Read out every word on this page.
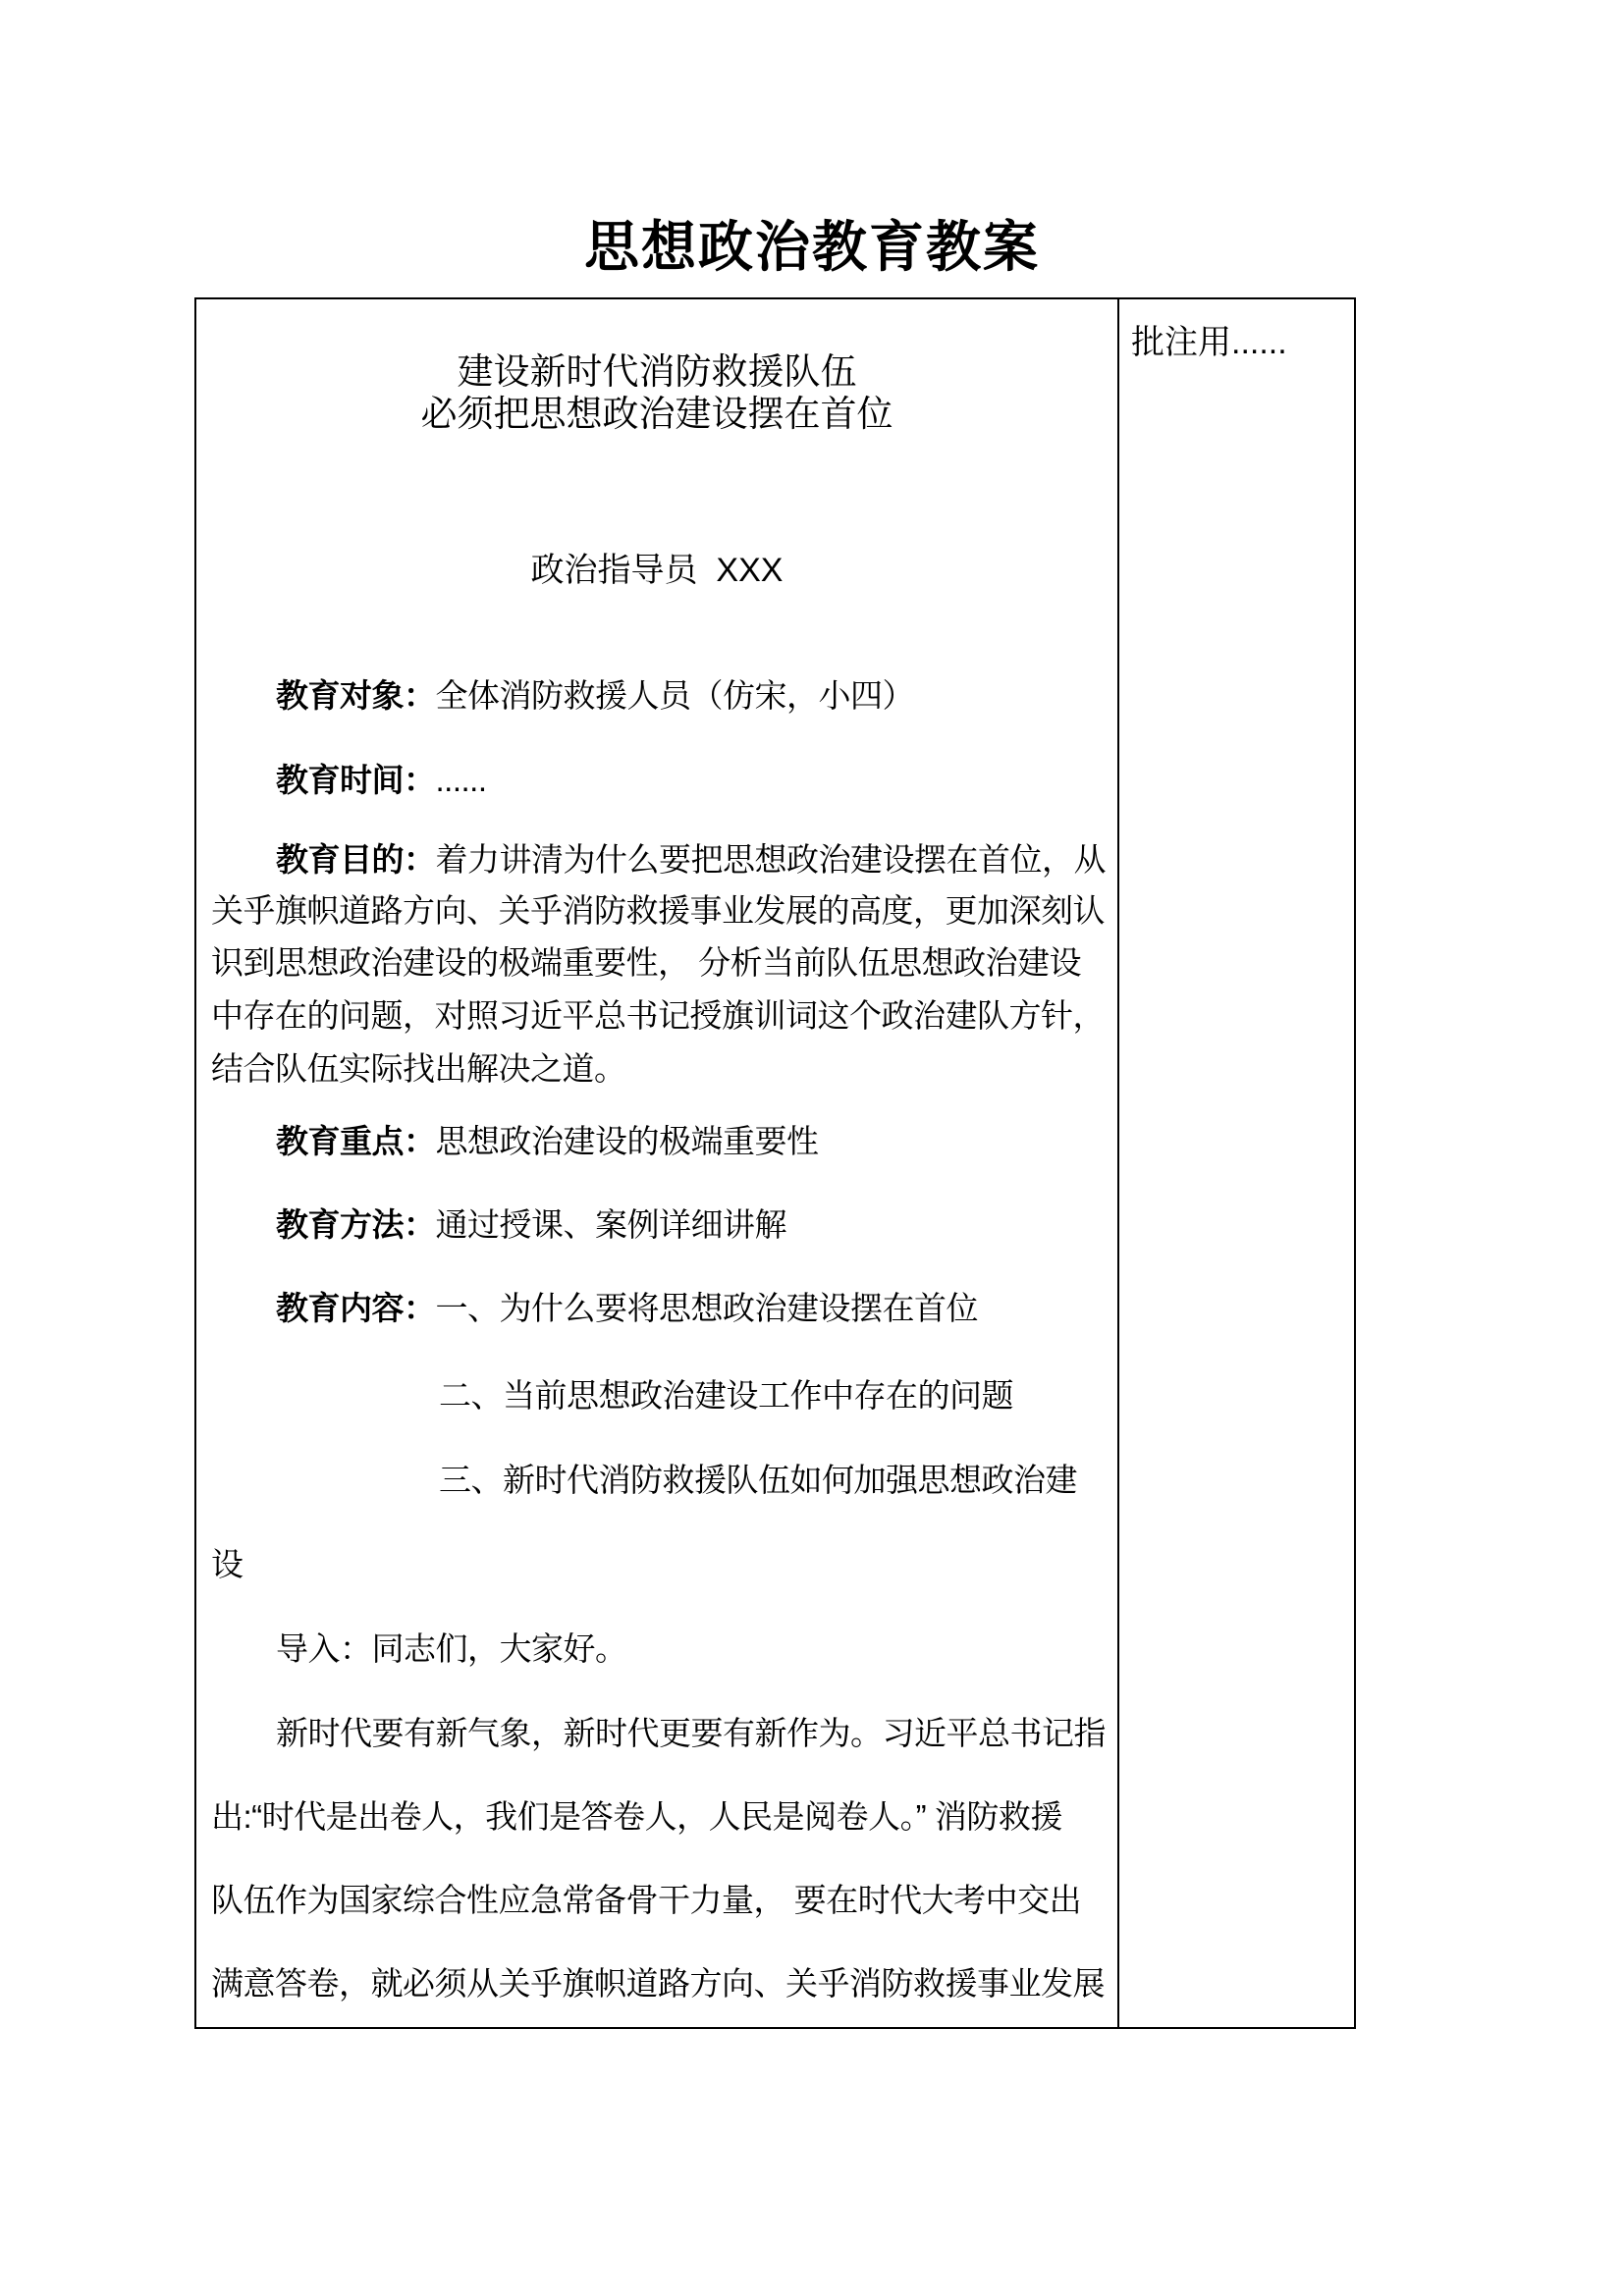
思想政治教育教案
批注用......
建设新时代消防救援队伍
必须把思想政治建设摆在首位
政治指导员  XXX
教育对象：全体消防救援人员（仿宋，小四）
教育时间：......
教育目的：着力讲清为什么要把思想政治建设摆在首位，从
关乎旗帜道路方向、关乎消防救援事业发展的高度，更加深刻认
识到思想政治建设的极端重要性， 分析当前队伍思想政治建设
中存在的问题，对照习近平总书记授旗训词这个政治建队方针，
结合队伍实际找出解决之道。
教育重点：思想政治建设的极端重要性
教育方法：通过授课、案例详细讲解
教育内容：一、为什么要将思想政治建设摆在首位
二、当前思想政治建设工作中存在的问题
三、新时代消防救援队伍如何加强思想政治建
设
导入：同志们，大家好。
新时代要有新气象，新时代更要有新作为。习近平总书记指
出:“时代是出卷人，我们是答卷人，人民是阅卷人。” 消防救援
队伍作为国家综合性应急常备骨干力量， 要在时代大考中交出
满意答卷，就必须从关乎旗帜道路方向、关乎消防救援事业发展
